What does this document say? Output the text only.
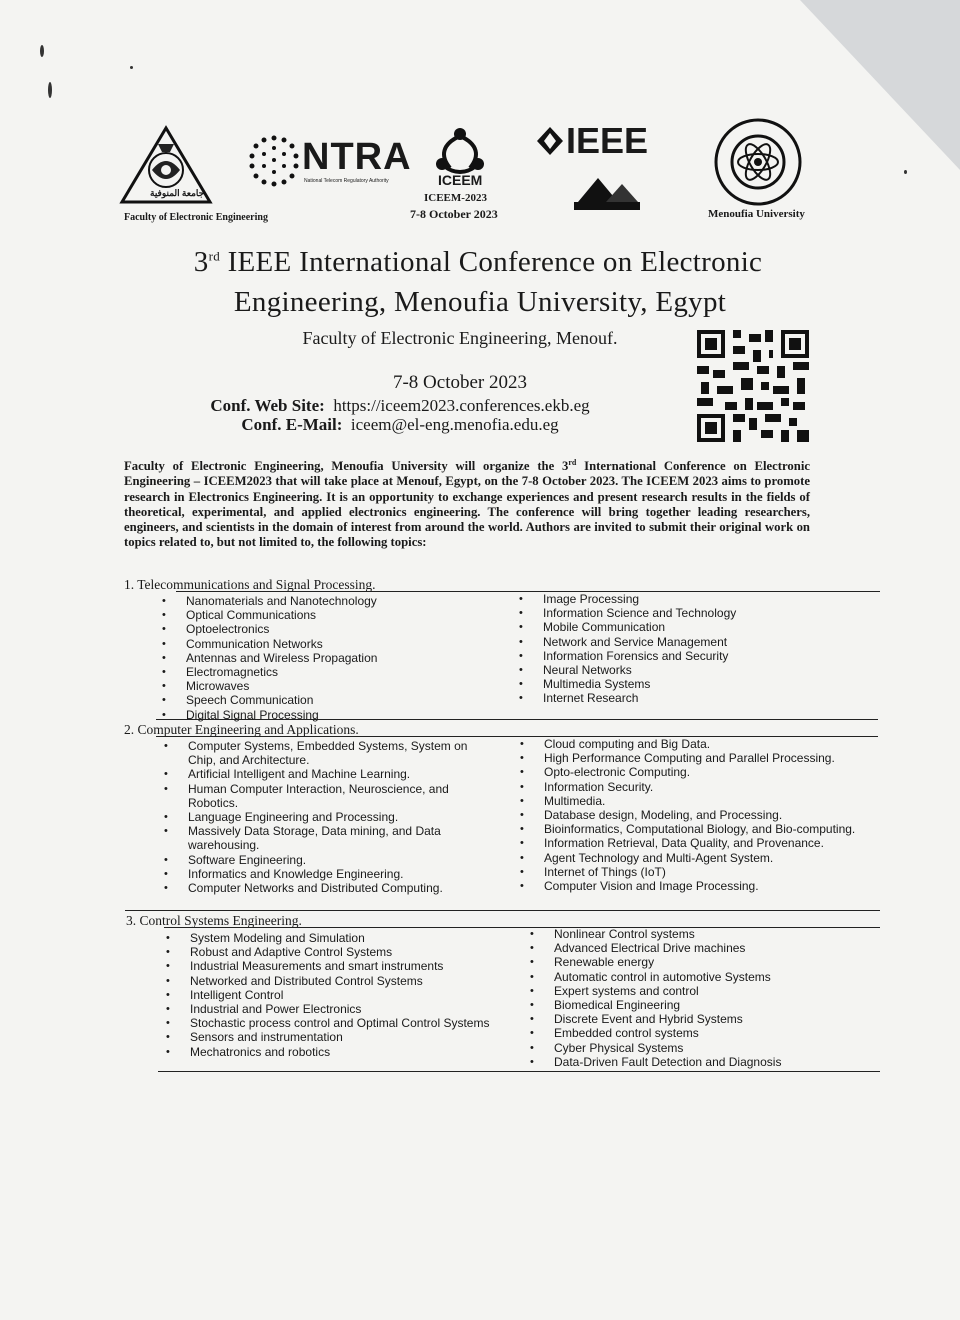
جامعة المنوفية
Faculty of Electronic Engineering
NTRA
National Telecom Regulatory Authority	ICEEM
ICEEM-2023
7-8 October 2023
IEEE
Menoufia University
3rd IEEE International Conference on Electronic
Engineering, Menoufia University, Egypt
Faculty of Electronic Engineering, Menouf.
7-8 October 2023
Conf. Web Site: https://iceem2023.conferences.ekb.eg
Conf. E-Mail: iceem@el-eng.menofia.edu.eg
Faculty of Electronic Engineering, Menoufia University will organize the 3rd International Conference on Electronic Engineering – ICEEM2023 that will take place at Menouf, Egypt, on the 7-8 October 2023. The ICEEM 2023 aims to promote research in Electronics Engineering. It is an opportunity to exchange experiences and present research results in the fields of theoretical, experimental, and applied electronics engineering. The conference will bring together leading researchers, engineers, and scientists in the domain of interest from around the world. Authors are invited to submit their original work on topics related to, but not limited to, the following topics:
1. Telecommunications and Signal Processing.
• Nanomaterials and Nanotechnology
• Optical Communications
• Optoelectronics
• Communication Networks
• Antennas and Wireless Propagation
• Electromagnetics
• Microwaves
• Speech Communication
• Digital Signal Processing
• Image Processing
• Information Science and Technology
• Mobile Communication
• Network and Service Management
• Information Forensics and Security
• Neural Networks
• Multimedia Systems
• Internet Research
2. Computer Engineering and Applications.
• Computer Systems, Embedded Systems, System on Chip, and Architecture.
• Artificial Intelligent and Machine Learning.
• Human Computer Interaction, Neuroscience, and Robotics.
• Language Engineering and Processing.
• Massively Data Storage, Data mining, and Data warehousing.
• Software Engineering.
• Informatics and Knowledge Engineering.
• Computer Networks and Distributed Computing.
• Cloud computing and Big Data.
• High Performance Computing and Parallel Processing.
• Opto-electronic Computing.
• Information Security.
• Multimedia.
• Database design, Modeling, and Processing.
• Bioinformatics, Computational Biology, and Bio-computing.
• Information Retrieval, Data Quality, and Provenance.
• Agent Technology and Multi-Agent System.
• Internet of Things (IoT)
• Computer Vision and Image Processing.
3. Control Systems Engineering.
• System Modeling and Simulation
• Robust and Adaptive Control Systems
• Industrial Measurements and smart instruments
• Networked and Distributed Control Systems
• Intelligent Control
• Industrial and Power Electronics
• Stochastic process control and Optimal Control Systems
• Sensors and instrumentation
• Mechatronics and robotics
• Nonlinear Control systems
• Advanced Electrical Drive machines
• Renewable energy
• Automatic control in automotive Systems
• Expert systems and control
• Biomedical Engineering
• Discrete Event and Hybrid Systems
• Embedded control systems
• Cyber Physical Systems
• Data-Driven Fault Detection and Diagnosis
